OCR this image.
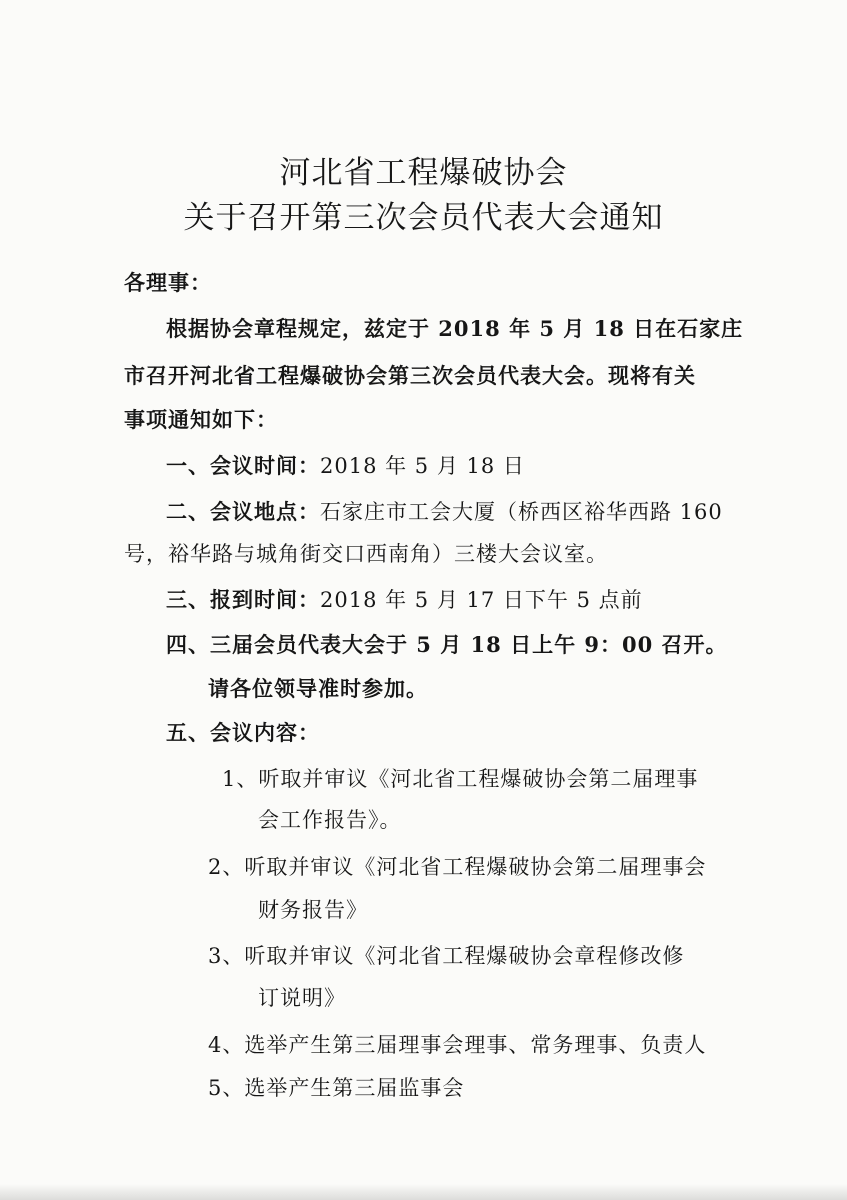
河北省工程爆破协会
关于召开第三次会员代表大会通知
各理事：
根据协会章程规定，兹定于 2018 年 5 月 18 日在石家庄
市召开河北省工程爆破协会第三次会员代表大会。现将有关
事项通知如下：
一、会议时间：2018 年 5 月 18 日
二、会议地点：石家庄市工会大厦（桥西区裕华西路 160
号，裕华路与城角街交口西南角）三楼大会议室。
三、报到时间：2018 年 5 月 17 日下午 5 点前
四、三届会员代表大会于 5 月 18 日上午 9：00 召开。
请各位领导准时参加。
五、会议内容：
1、听取并审议《河北省工程爆破协会第二届理事
会工作报告》。
2、听取并审议《河北省工程爆破协会第二届理事会
财务报告》
3、听取并审议《河北省工程爆破协会章程修改修
订说明》
4、选举产生第三届理事会理事、常务理事、负责人
5、选举产生第三届监事会
